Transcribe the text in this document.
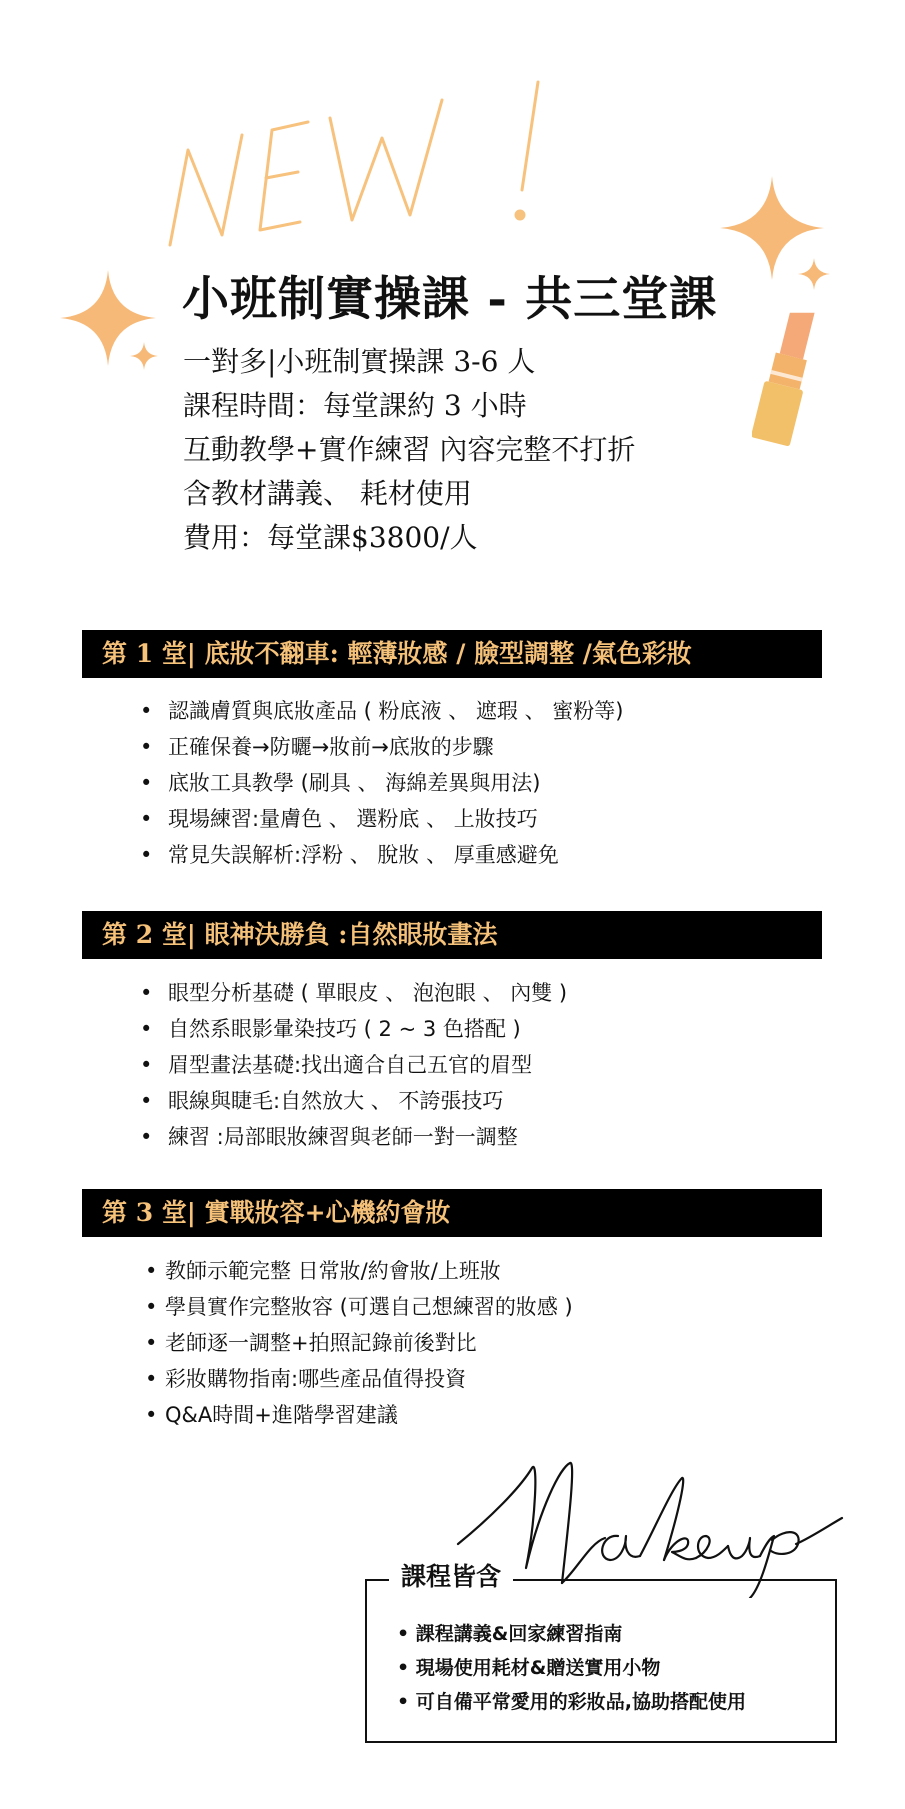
小班制實操課 - 共三堂課
一對多|小班制實操課 3-6 人
課程時間：每堂課約 3 小時
互動教學+實作練習 內容完整不打折
含教材講義、 耗材使用
費用：每堂課$3800/人
第 1 堂| 底妝不翻車: 輕薄妝感 / 臉型調整 /氣色彩妝
• 認識膚質與底妝產品 ( 粉底液 、 遮瑕 、 蜜粉等)
• 正確保養→防曬→妝前→底妝的步驟
• 底妝工具教學 (刷具 、 海綿差異與用法)
• 現場練習:量膚色 、 選粉底 、 上妝技巧
• 常見失誤解析:浮粉 、 脫妝 、 厚重感避免
第 2 堂| 眼神決勝負 :自然眼妝畫法
• 眼型分析基礎 ( 單眼皮 、 泡泡眼 、 內雙 )
• 自然系眼影暈染技巧 ( 2 ~ 3 色搭配 )
• 眉型畫法基礎:找出適合自己五官的眉型
• 眼線與睫毛:自然放大 、 不誇張技巧
• 練習 :局部眼妝練習與老師一對一調整
第 3 堂| 實戰妝容+心機約會妝
• 教師示範完整 日常妝/約會妝/上班妝
• 學員實作完整妝容 (可選自己想練習的妝感 )
• 老師逐一調整+拍照記錄前後對比
• 彩妝購物指南:哪些產品值得投資
• Q&A時間+進階學習建議
課程皆含
• 課程講義&回家練習指南
• 現場使用耗材&贈送實用小物
• 可自備平常愛用的彩妝品,協助搭配使用
